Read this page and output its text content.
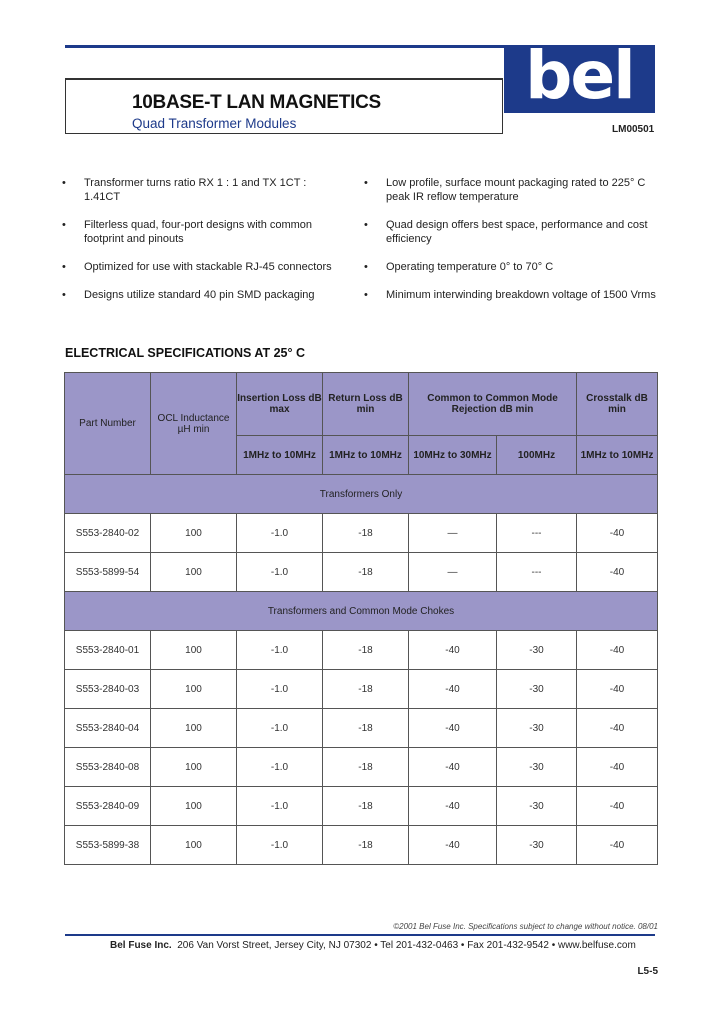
bel
10BASE-T LAN MAGNETICS
Quad Transformer Modules	LM00501
• Transformer turns ratio RX 1 : 1 and TX 1CT : 1.41CT
• Filterless quad, four-port designs with common footprint and pinouts
• Optimized for use with stackable RJ-45 connectors
• Designs utilize standard 40 pin SMD packaging
• Low profile, surface mount packaging rated to 225° C peak IR reflow temperature
• Quad design offers best space, performance and cost efficiency
• Operating temperature 0° to 70° C
• Minimum interwinding breakdown voltage of 1500 Vrms
ELECTRICAL SPECIFICATIONS AT 25° C
Part Number	OCL Inductance µH min	Insertion Loss dB max	Return Loss dB min	Common to Common Mode Rejection dB min		Crosstalk dB min
		1MHz to 10MHz	1MHz to 10MHz	10MHz to 30MHz	100MHz	1MHz to 10MHz
Transformers Only						
S553-2840-02	100	-1.0	-18	—	---	-40
S553-5899-54	100	-1.0	-18	—	---	-40
Transformers and Common Mode Chokes						
S553-2840-01	100	-1.0	-18	-40	-30	-40
S553-2840-03	100	-1.0	-18	-40	-30	-40
S553-2840-04	100	-1.0	-18	-40	-30	-40
S553-2840-08	100	-1.0	-18	-40	-30	-40
S553-2840-09	100	-1.0	-18	-40	-30	-40
S553-5899-38	100	-1.0	-18	-40	-30	-40
©2001 Bel Fuse Inc. Specifications subject to change without notice. 08/01
Bel Fuse Inc. 206 Van Vorst Street, Jersey City, NJ 07302 • Tel 201-432-0463 • Fax 201-432-9542 • www.belfuse.com
L5-5
